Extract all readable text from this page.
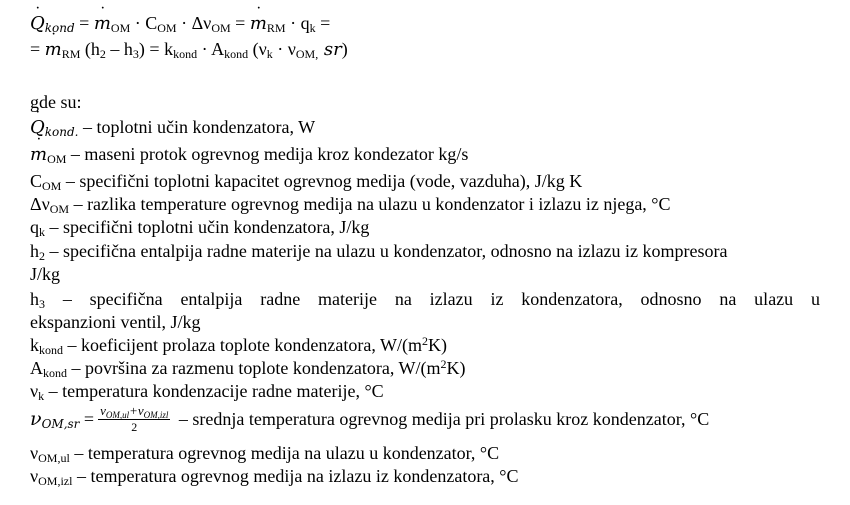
˙ $Q_{kond}$ = ˙ $m_{OM} \cdot C_{OM} \cdot \Delta\nu_{OM}$ = ˙ $m_{RM} \cdot q_k$ =
= ˙ $m_{RM}$ $(h_2 - h_3) = k_{kond} \cdot A_{kond}$ ($\nu_k \cdot \nu_{OM,}$ sr)
gde su:
˙ $Q_{kond.}$ – toplotni učin kondenzatora, W
˙ $m_{OM}$ – maseni protok ogrevnog medija kroz kondezator kg/s
$C_{OM}$ – specifični toplotni kapacitet ogrevnog medija (vode, vazduha), J/kg K
$\Delta\nu_{OM}$ – razlika temperature ogrevnog medija na ulazu u kondenzator i izlazu iz njega, °C
$q_k$ – specifični toplotni učin kondenzatora, J/kg
$h_2$ – specifična entalpija radne materije na ulazu u kondenzator, odnosno na izlazu iz kompresora
J/kg
$h_3$ – specifična entalpija radne materije na izlazu iz kondenzatora, odnosno na ulazu u
ekspanzioni ventil, J/kg
$k_{kond}$ – koeficijent prolaza toplote kondenzatora, $W/(m^2K)$
$A_{kond}$ – površina za razmenu toplote kondenzatora, $W/(m^2K)$
$\nu_k$ – temperatura kondenzacije radne materije, °C
$\nu_{OM,sr} = \frac{\nu_{OM,ul}+\nu_{OM,izl}}{2}$ – srednja temperatura ogrevnog medija pri prolasku kroz kondenzator, °C
$\nu_{OM,ul}$ – temperatura ogrevnog medija na ulazu u kondenzator, °C
$\nu_{OM,izl}$ – temperatura ogrevnog medija na izlazu iz kondenzatora, °C
